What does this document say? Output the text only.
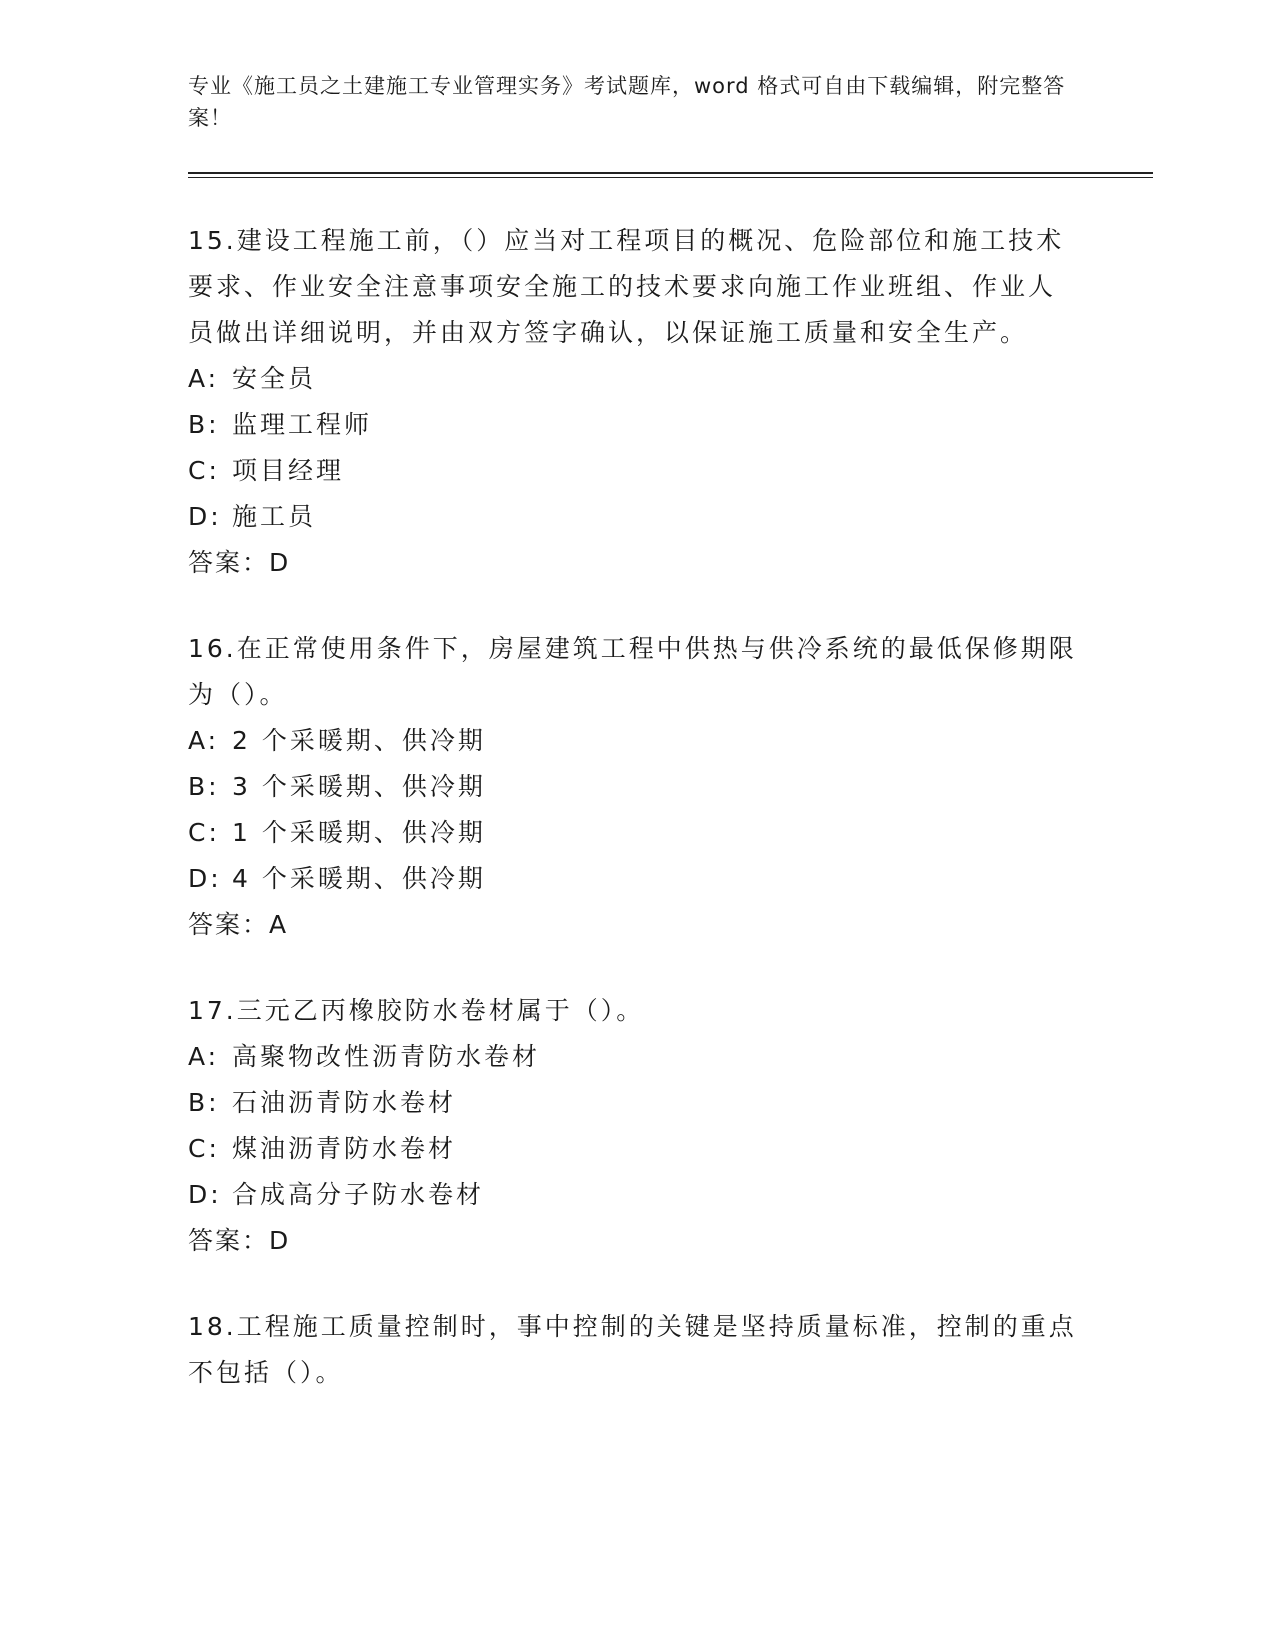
专业《施工员之土建施工专业管理实务》考试题库，word 格式可自由下载编辑，附完整答案！

15.建设工程施工前，（）应当对工程项目的概况、危险部位和施工技术要求、作业安全注意事项安全施工的技术要求向施工作业班组、作业人员做出详细说明，并由双方签字确认，以保证施工质量和安全生产。

A: 安全员
B: 监理工程师
C: 项目经理
D: 施工员
答案：D

16.在正常使用条件下，房屋建筑工程中供热与供冷系统的最低保修期限为（）。

A: 2 个采暖期、供冷期
B: 3 个采暖期、供冷期
C: 1 个采暖期、供冷期
D: 4 个采暖期、供冷期
答案：A

17.三元乙丙橡胶防水卷材属于（）。

A: 高聚物改性沥青防水卷材
B: 石油沥青防水卷材
C: 煤油沥青防水卷材
D: 合成高分子防水卷材
答案：D

18.工程施工质量控制时，事中控制的关键是坚持质量标准，控制的重点不包括（）。
